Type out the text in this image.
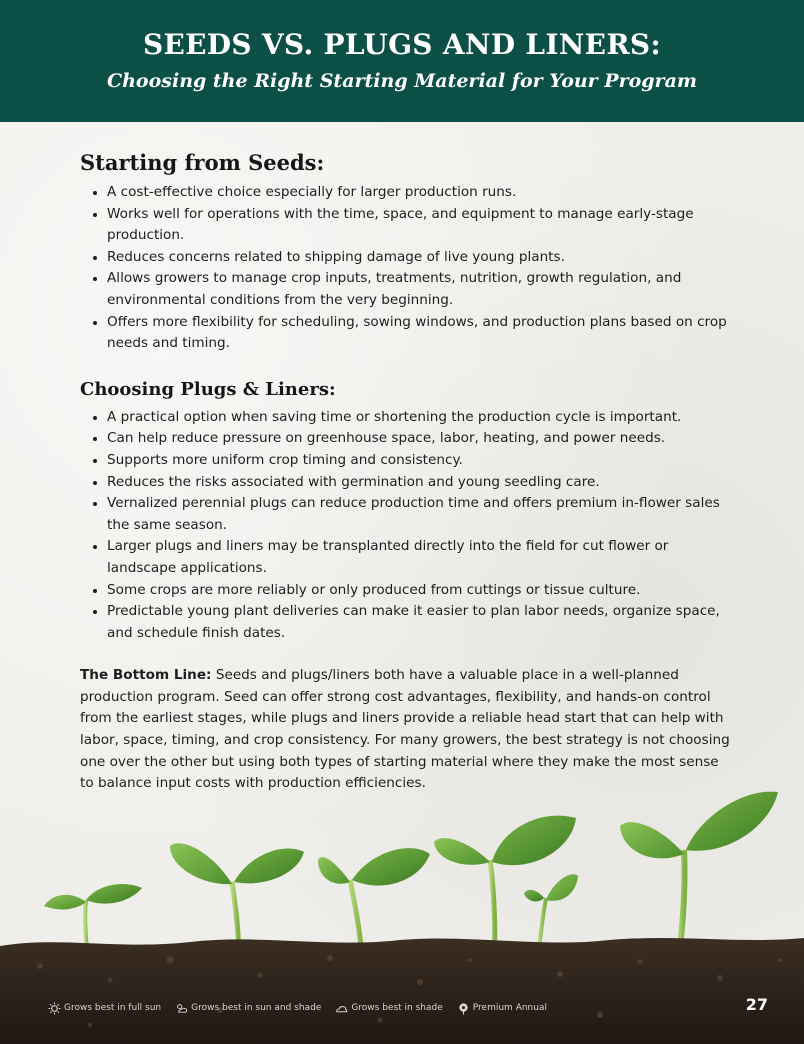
SEEDS VS. PLUGS AND LINERS:
Choosing the Right Starting Material for Your Program
Starting from Seeds:
• A cost-effective choice especially for larger production runs.
• Works well for operations with the time, space, and equipment to manage early-stage production.
• Reduces concerns related to shipping damage of live young plants.
• Allows growers to manage crop inputs, treatments, nutrition, growth regulation, and environmental conditions from the very beginning.
• Offers more flexibility for scheduling, sowing windows, and production plans based on crop needs and timing.
Choosing Plugs & Liners:
• A practical option when saving time or shortening the production cycle is important.
• Can help reduce pressure on greenhouse space, labor, heating, and power needs.
• Supports more uniform crop timing and consistency.
• Reduces the risks associated with germination and young seedling care.
• Vernalized perennial plugs can reduce production time and offers premium in-flower sales the same season.
• Larger plugs and liners may be transplanted directly into the field for cut flower or landscape applications.
• Some crops are more reliably or only produced from cuttings or tissue culture.
• Predictable young plant deliveries can make it easier to plan labor needs, organize space, and schedule finish dates.

The Bottom Line: Seeds and plugs/liners both have a valuable place in a well-planned production program. Seed can offer strong cost advantages, flexibility, and hands-on control from the earliest stages, while plugs and liners provide a reliable head start that can help with labor, space, timing, and crop consistency. For many growers, the best strategy is not choosing one over the other but using both types of starting material where they make the most sense to balance input costs with production efficiencies.

Grows best in full sun	Grows best in sun and shade	Grows best in shade	Premium Annual	27
